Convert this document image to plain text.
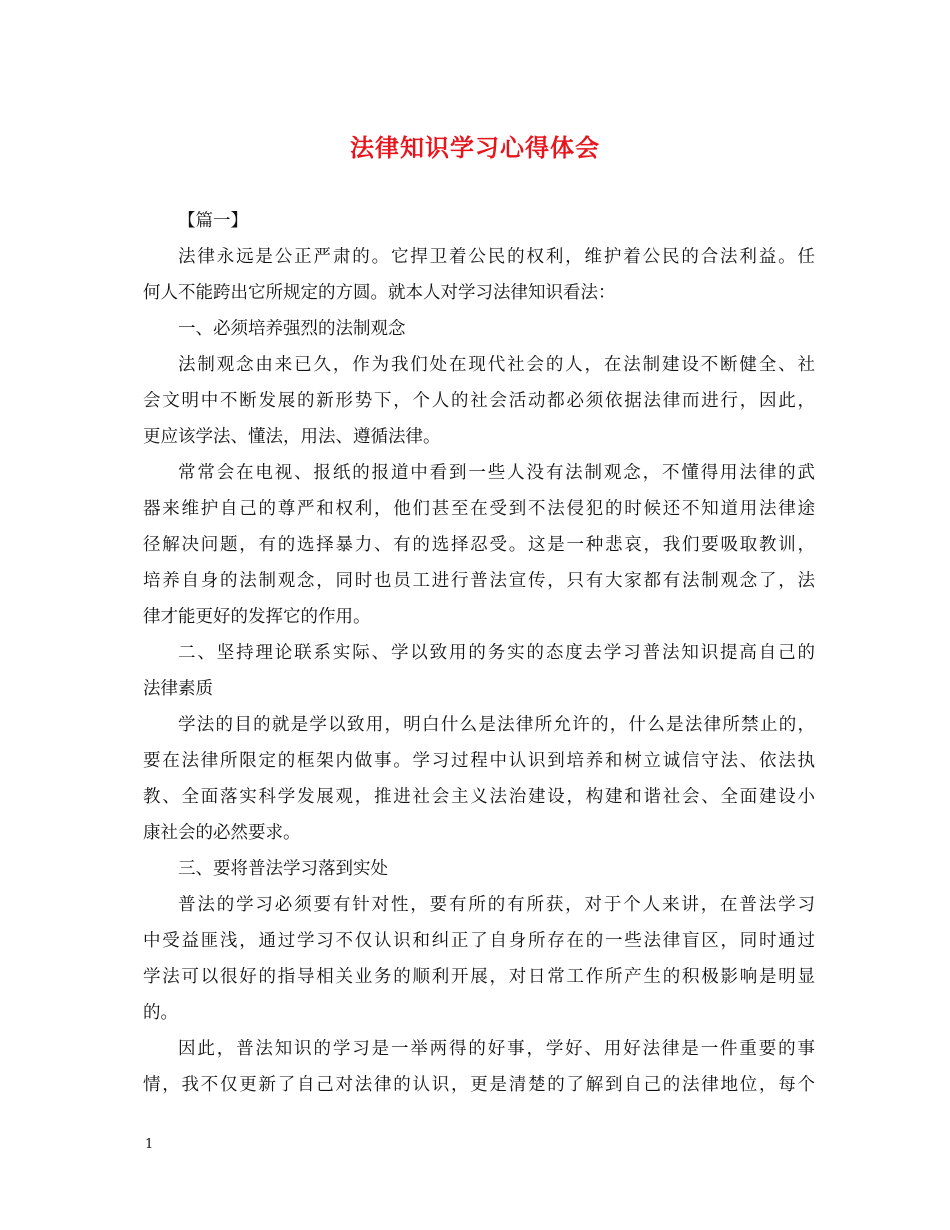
法律知识学习心得体会
【篇一】
法律永远是公正严肃的。它捍卫着公民的权利，维护着公民的合法利益。任
何人不能跨出它所规定的方圆。就本人对学习法律知识看法：
一、必须培养强烈的法制观念
法制观念由来已久，作为我们处在现代社会的人，在法制建设不断健全、社
会文明中不断发展的新形势下，个人的社会活动都必须依据法律而进行，因此，
更应该学法、懂法，用法、遵循法律。
常常会在电视、报纸的报道中看到一些人没有法制观念，不懂得用法律的武
器来维护自己的尊严和权利，他们甚至在受到不法侵犯的时候还不知道用法律途
径解决问题，有的选择暴力、有的选择忍受。这是一种悲哀，我们要吸取教训，
培养自身的法制观念，同时也员工进行普法宣传，只有大家都有法制观念了，法
律才能更好的发挥它的作用。
二、坚持理论联系实际、学以致用的务实的态度去学习普法知识提高自己的
法律素质
学法的目的就是学以致用，明白什么是法律所允许的，什么是法律所禁止的，
要在法律所限定的框架内做事。学习过程中认识到培养和树立诚信守法、依法执
教、全面落实科学发展观，推进社会主义法治建设，构建和谐社会、全面建设小
康社会的必然要求。
三、要将普法学习落到实处
普法的学习必须要有针对性，要有所的有所获，对于个人来讲，在普法学习
中受益匪浅，通过学习不仅认识和纠正了自身所存在的一些法律盲区，同时通过
学法可以很好的指导相关业务的顺利开展，对日常工作所产生的积极影响是明显
的。
因此，普法知识的学习是一举两得的好事，学好、用好法律是一件重要的事
情，我不仅更新了自己对法律的认识，更是清楚的了解到自己的法律地位，每个
1
